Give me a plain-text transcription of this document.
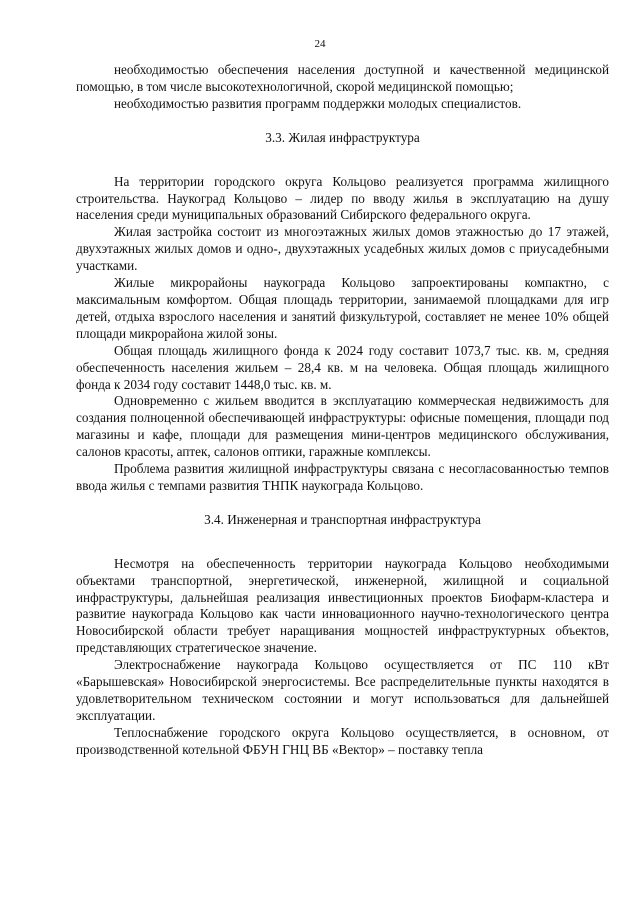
24

необходимостью обеспечения населения доступной и качественной медицинской помощью, в том числе высокотехнологичной, скорой медицинской помощью;

необходимостью развития программ поддержки молодых специалистов.

3.3. Жилая инфраструктура

На территории городского округа Кольцово реализуется программа жилищного строительства. Наукоград Кольцово – лидер по вводу жилья в эксплуатацию на душу населения среди муниципальных образований Сибирского федерального округа.

Жилая застройка состоит из многоэтажных жилых домов этажностью до 17 этажей, двухэтажных жилых домов и одно-, двухэтажных усадебных жилых домов с приусадебными участками.

Жилые микрорайоны наукограда Кольцово запроектированы компактно, с максимальным комфортом. Общая площадь территории, занимаемой площадками для игр детей, отдыха взрослого населения и занятий физкультурой, составляет не менее 10% общей площади микрорайона жилой зоны.

Общая площадь жилищного фонда к 2024 году составит 1073,7 тыс. кв. м, средняя обеспеченность населения жильем – 28,4 кв. м на человека. Общая площадь жилищного фонда к 2034 году составит 1448,0 тыс. кв. м.

Одновременно с жильем вводится в эксплуатацию коммерческая недвижимость для создания полноценной обеспечивающей инфраструктуры: офисные помещения, площади под магазины и кафе, площади для размещения мини-центров медицинского обслуживания, салонов красоты, аптек, салонов оптики, гаражные комплексы.

Проблема развития жилищной инфраструктуры связана с несогласованностью темпов ввода жилья с темпами развития ТНПК наукограда Кольцово.

3.4. Инженерная и транспортная инфраструктура

Несмотря на обеспеченность территории наукограда Кольцово необходимыми объектами транспортной, энергетической, инженерной, жилищной и социальной инфраструктуры, дальнейшая реализация инвестиционных проектов Биофарм-кластера и развитие наукограда Кольцово как части инновационного научно-технологического центра Новосибирской области требует наращивания мощностей инфраструктурных объектов, представляющих стратегическое значение.

Электроснабжение наукограда Кольцово осуществляется от ПС 110 кВт «Барышевская» Новосибирской энергосистемы. Все распределительные пункты находятся в удовлетворительном техническом состоянии и могут использоваться для дальнейшей эксплуатации.

Теплоснабжение городского округа Кольцово осуществляется, в основном, от производственной котельной ФБУН ГНЦ ВБ «Вектор» – поставку тепла
